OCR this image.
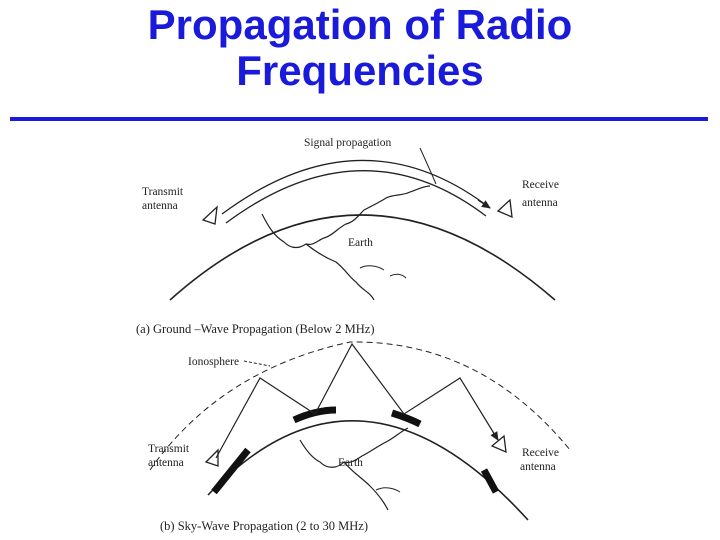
Propagation of Radio
Frequencies
Signal propagation
Transmit
antenna
Receive
antenna
Earth
(a) Ground –Wave Propagation (Below 2 MHz)
Ionosphere
Transmit
antenna
Receive
antenna
Earth
(b) Sky-Wave Propagation (2 to 30 MHz)
